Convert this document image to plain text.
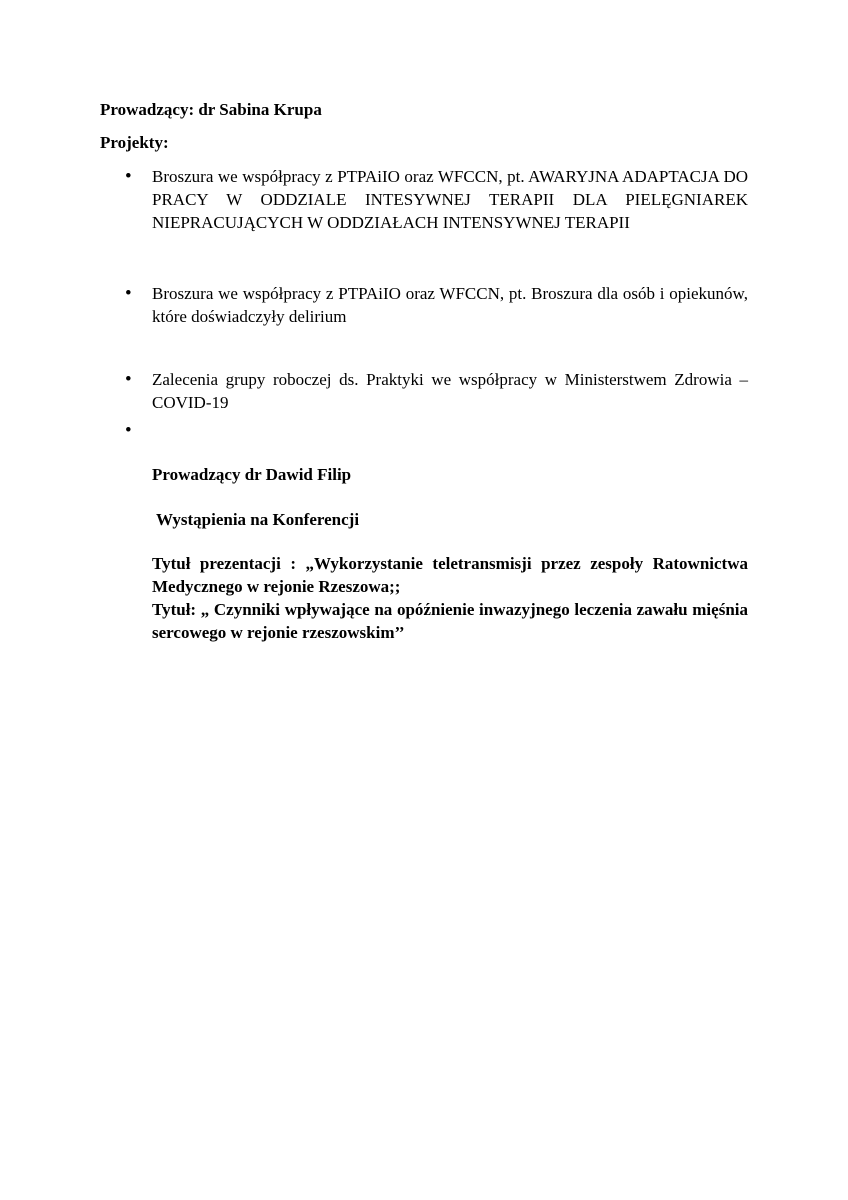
Prowadzący: dr Sabina Krupa

Projekty:

• Broszura we współpracy z PTPAiIO oraz WFCCN, pt. AWARYJNA ADAPTACJA DO PRACY W ODDZIALE INTESYWNEJ TERAPII DLA PIELĘGNIAREK NIEPRACUJĄCYCH W ODDZIAŁACH INTENSYWNEJ TERAPII
• Broszura we współpracy z PTPAiIO oraz WFCCN, pt. Broszura dla osób i opiekunów, które doświadczyły delirium
• Zalecenia grupy roboczej ds. Praktyki we współpracy w Ministerstwem Zdrowia – COVID-19
•

Prowadzący dr Dawid Filip

Wystąpienia na Konferencji

Tytuł prezentacji : „Wykorzystanie teletransmisji przez zespoły Ratownictwa Medycznego w rejonie Rzeszowa;;

Tytuł: „ Czynniki wpływające na opóźnienie inwazyjnego leczenia zawału mięśnia sercowego w rejonie rzeszowskim’’
